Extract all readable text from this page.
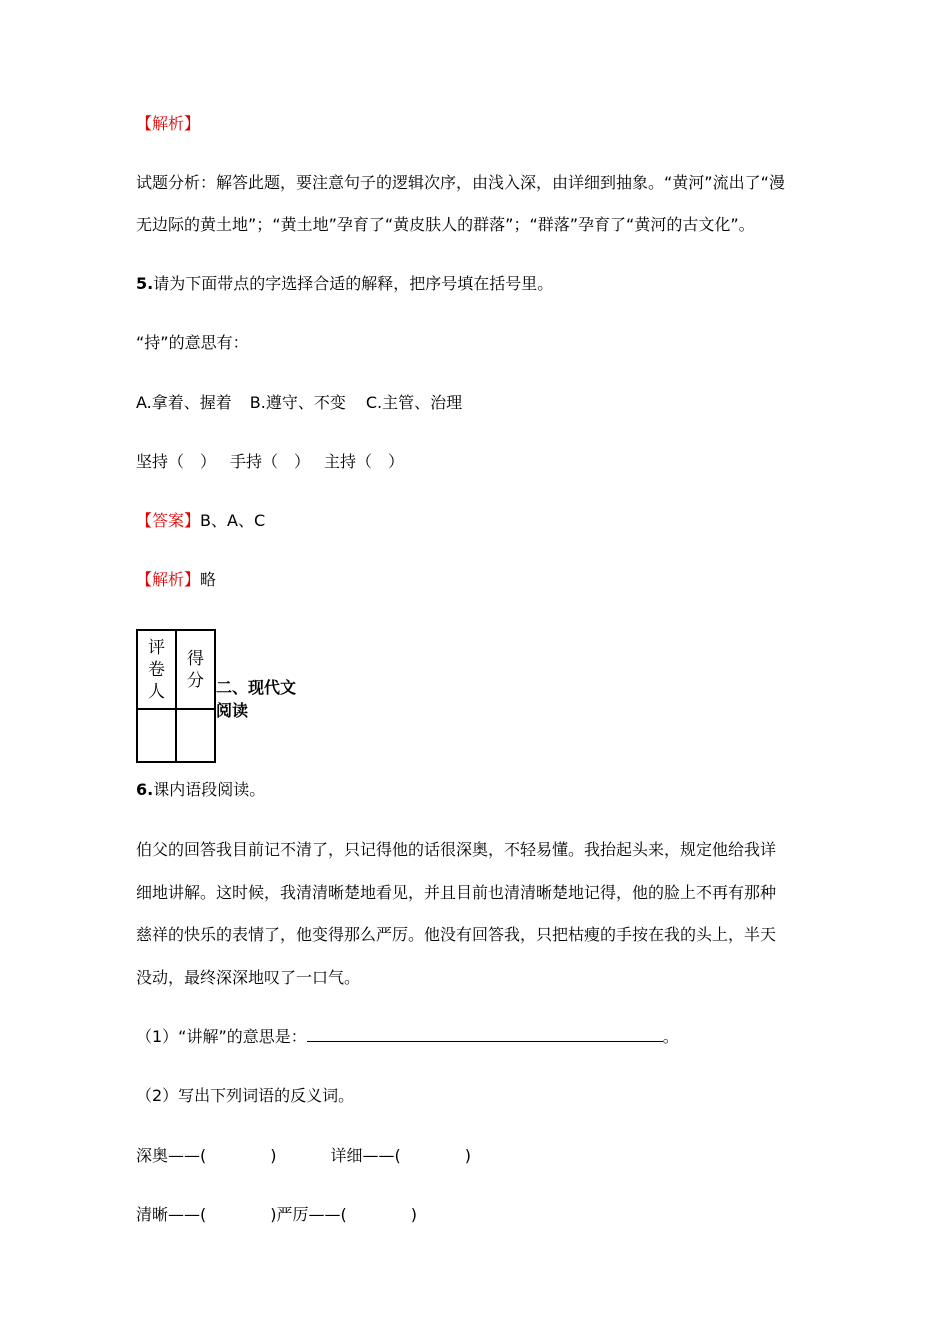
【解析】
试题分析：解答此题，要注意句子的逻辑次序，由浅入深，由详细到抽象。“黄河”流出了“漫
无边际的黄土地”；“黄土地”孕育了“黄皮肤人的群落”；“群落”孕育了“黄河的古文化”。
5.请为下面带点的字选择合适的解释，把序号填在括号里。
“持”的意思有：
A.拿着、握着 B.遵守、不变 C.主管、治理
坚持（　） 手持（　） 主持（　）
【答案】B、A、C
【解析】略
评卷人	得分
	二、现代文阅读
6.课内语段阅读。
伯父的回答我目前记不清了，只记得他的话很深奥，不轻易懂。我抬起头来，规定他给我详
细地讲解。这时候，我清清晰楚地看见，并且目前也清清晰楚地记得，他的脸上不再有那种
慈祥的快乐的表情了，他变得那么严厉。他没有回答我，只把枯瘦的手按在我的头上，半天
没动，最终深深地叹了一口气。
（1）“讲解”的意思是：	。
（2）写出下列词语的反义词。
深奥——(　　　　)	详细——(　　　　)
清晰——(　　　　)严厉——(　　　　)
